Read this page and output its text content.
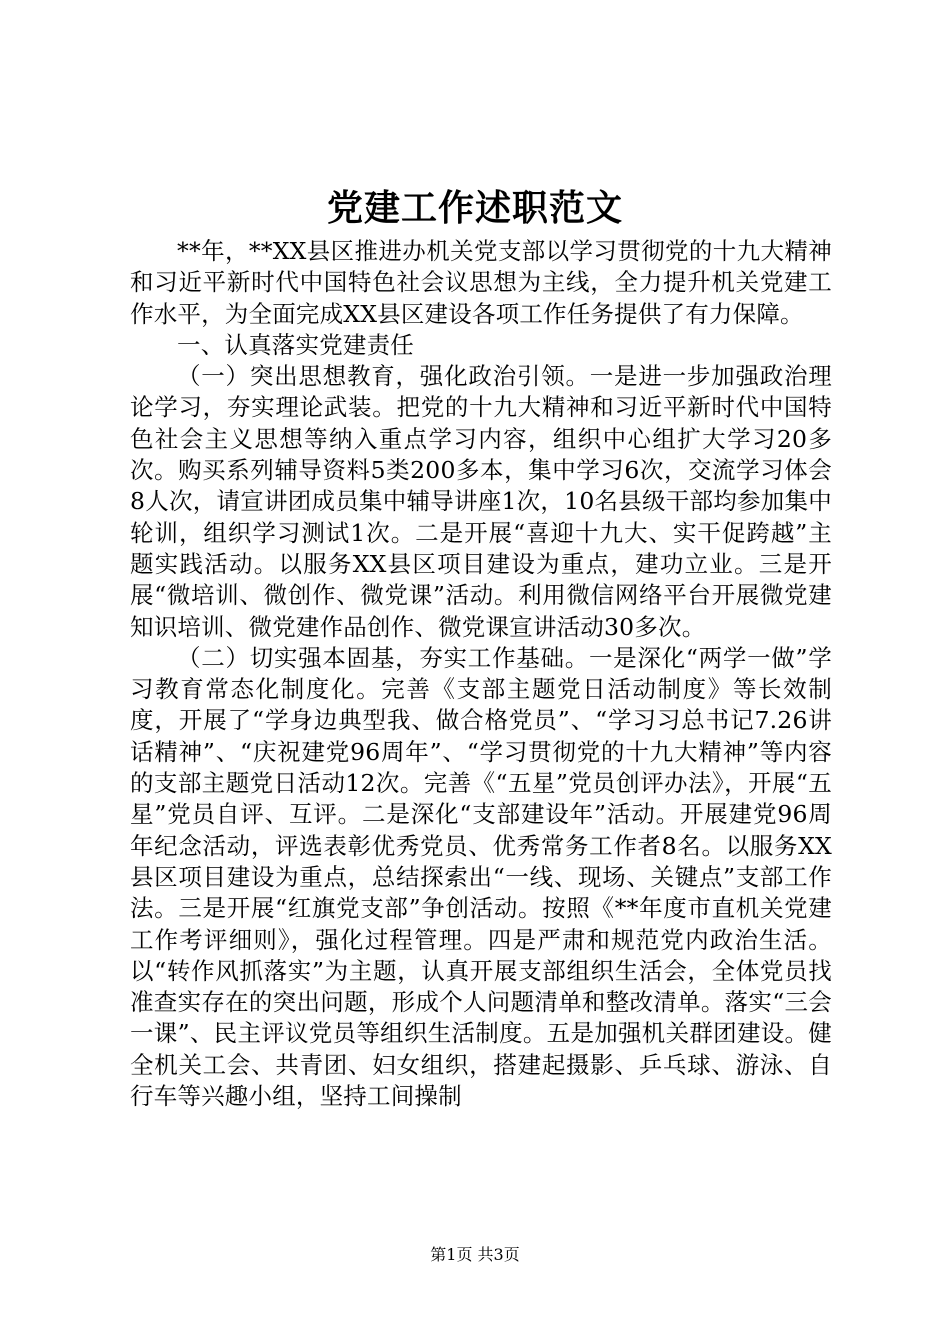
党建工作述职范文

**年，**XX县区推进办机关党支部以学习贯彻党的十九大精神和习近平新时代中国特色社会议思想为主线，全力提升机关党建工作水平，为全面完成XX县区建设各项工作任务提供了有力保障。

一、认真落实党建责任

（一）突出思想教育，强化政治引领。一是进一步加强政治理论学习，夯实理论武装。把党的十九大精神和习近平新时代中国特色社会主义思想等纳入重点学习内容，组织中心组扩大学习20多次。购买系列辅导资料5类200多本，集中学习6次，交流学习体会8人次，请宣讲团成员集中辅导讲座1次，10名县级干部均参加集中轮训，组织学习测试1次。二是开展“喜迎十九大、实干促跨越”主题实践活动。以服务XX县区项目建设为重点，建功立业。三是开展“微培训、微创作、微党课”活动。利用微信网络平台开展微党建知识培训、微党建作品创作、微党课宣讲活动30多次。

（二）切实强本固基，夯实工作基础。一是深化“两学一做”学习教育常态化制度化。完善《支部主题党日活动制度》等长效制度，开展了“学身边典型我、做合格党员”、“学习习总书记7.26讲话精神”、“庆祝建党96周年”、“学习贯彻党的十九大精神”等内容的支部主题党日活动12次。完善《“五星”党员创评办法》，开展“五星”党员自评、互评。二是深化“支部建设年”活动。开展建党96周年纪念活动，评选表彰优秀党员、优秀常务工作者8名。以服务XX县区项目建设为重点，总结探索出“一线、现场、关键点”支部工作法。三是开展“红旗党支部”争创活动。按照《**年度市直机关党建工作考评细则》，强化过程管理。四是严肃和规范党内政治生活。以“转作风抓落实”为主题，认真开展支部组织生活会，全体党员找准查实存在的突出问题，形成个人问题清单和整改清单。落实“三会一课”、民主评议党员等组织生活制度。五是加强机关群团建设。健全机关工会、共青团、妇女组织，搭建起摄影、乒乓球、游泳、自行车等兴趣小组，坚持工间操制

第1页 共3页
